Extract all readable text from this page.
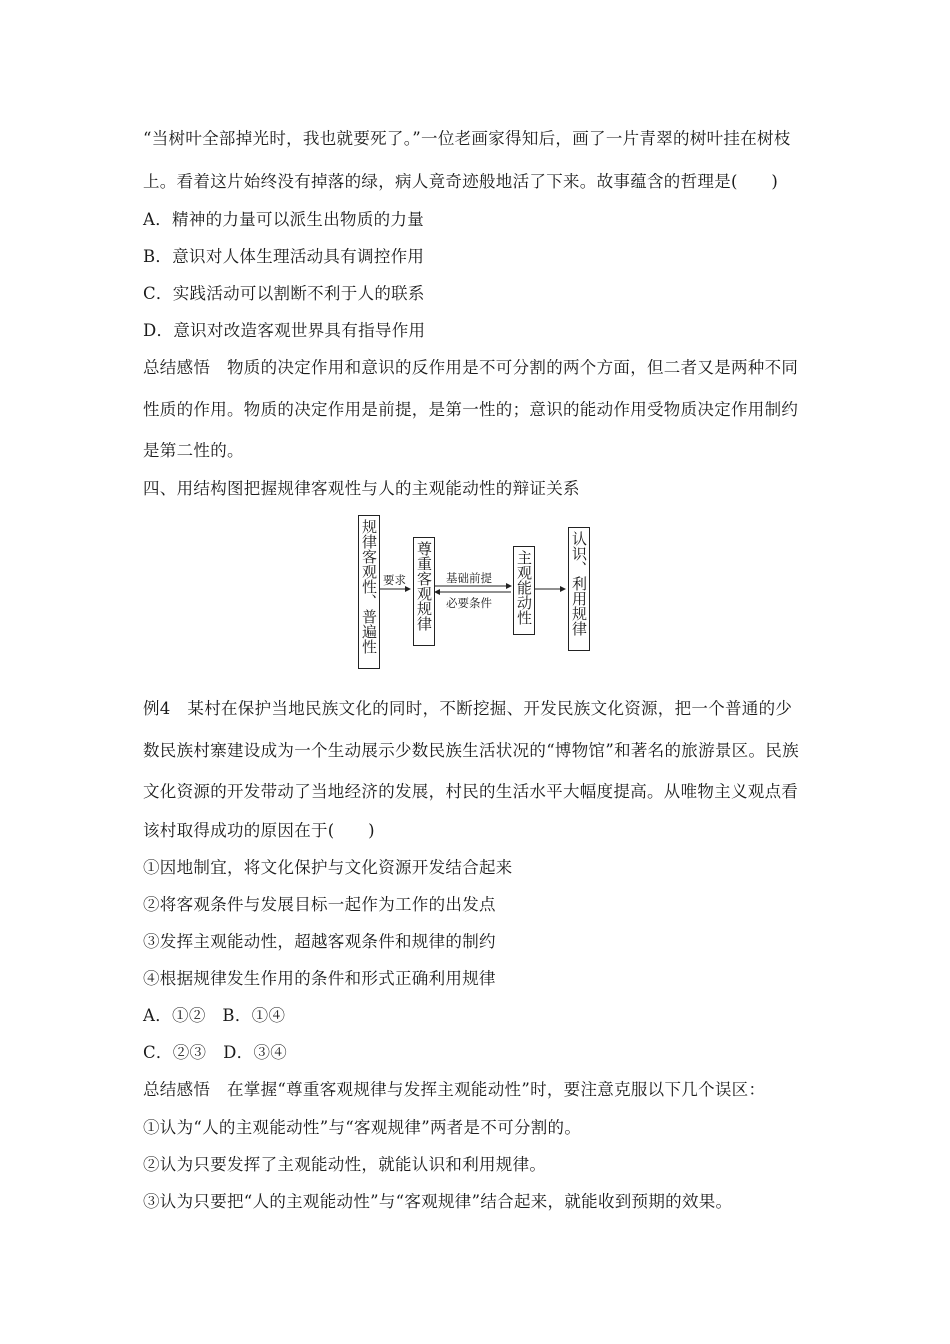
“当树叶全部掉光时，我也就要死了。”一位老画家得知后，画了一片青翠的树叶挂在树枝
上。看着这片始终没有掉落的绿，病人竟奇迹般地活了下来。故事蕴含的哲理是(　　)
A．精神的力量可以派生出物质的力量
B．意识对人体生理活动具有调控作用
C．实践活动可以割断不利于人的联系
D．意识对改造客观世界具有指导作用
总结感悟　物质的决定作用和意识的反作用是不可分割的两个方面，但二者又是两种不同
性质的作用。物质的决定作用是前提，是第一性的；意识的能动作用受物质决定作用制约
是第二性的。
四、用结构图把握规律客观性与人的主观能动性的辩证关系
规律客观性、普遍性 尊重客观规律	主观能动性 认识、利用规律
要求	基础前提
必要条件
例4　某村在保护当地民族文化的同时，不断挖掘、开发民族文化资源，把一个普通的少
数民族村寨建设成为一个生动展示少数民族生活状况的“博物馆”和著名的旅游景区。民族
文化资源的开发带动了当地经济的发展，村民的生活水平大幅度提高。从唯物主义观点看
该村取得成功的原因在于(　　)
①因地制宜，将文化保护与文化资源开发结合起来
②将客观条件与发展目标一起作为工作的出发点
③发挥主观能动性，超越客观条件和规律的制约
④根据规律发生作用的条件和形式正确利用规律
A．①②　B．①④
C．②③　D．③④
总结感悟　在掌握“尊重客观规律与发挥主观能动性”时，要注意克服以下几个误区：
①认为“人的主观能动性”与“客观规律”两者是不可分割的。
②认为只要发挥了主观能动性，就能认识和利用规律。
③认为只要把“人的主观能动性”与“客观规律”结合起来，就能收到预期的效果。
